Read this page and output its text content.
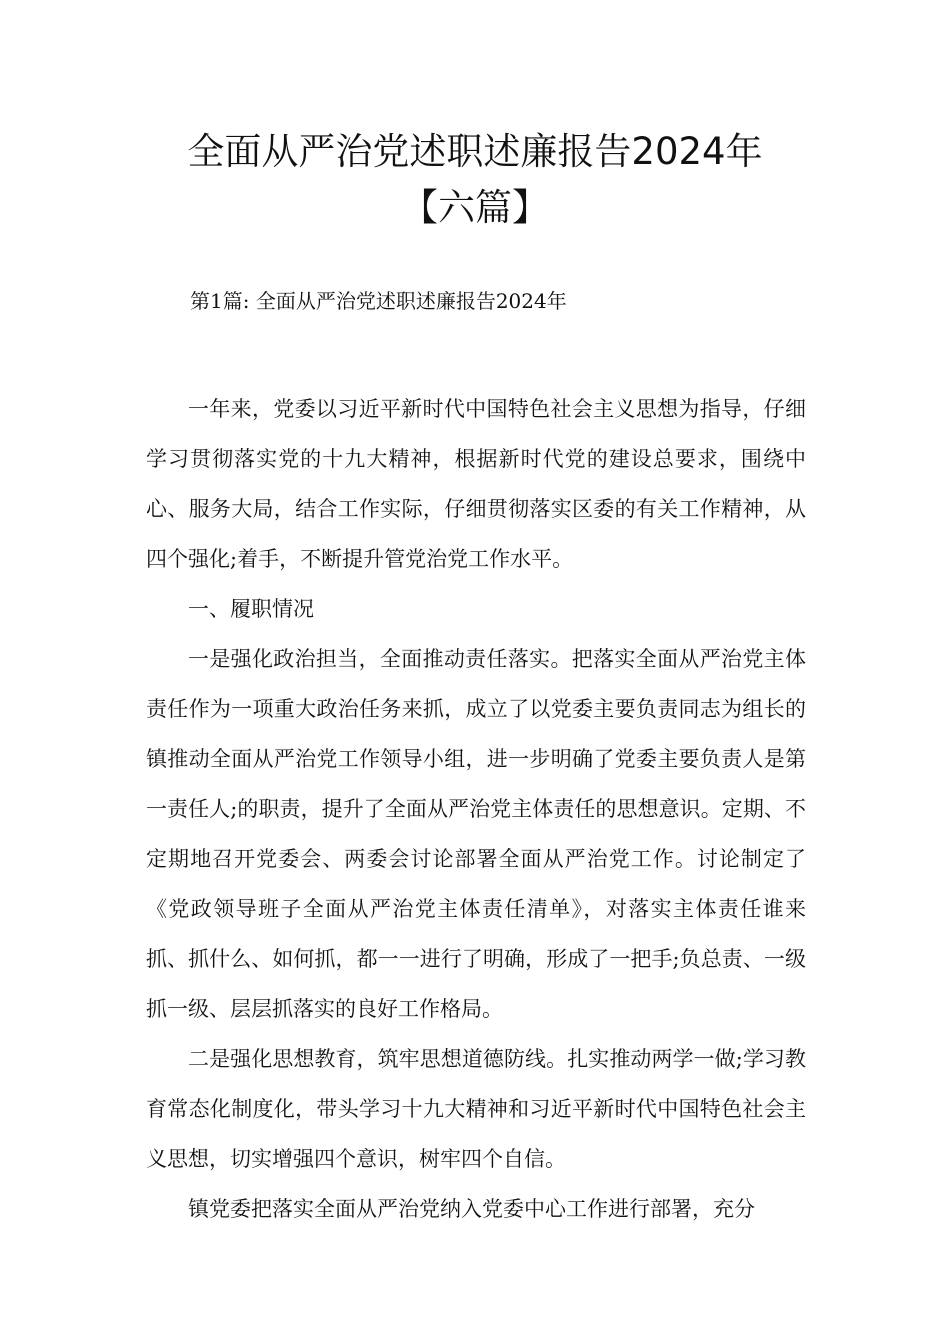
全面从严治党述职述廉报告2024年
【六篇】
第1篇: 全面从严治党述职述廉报告2024年

一年来，党委以习近平新时代中国特色社会主义思想为指导，仔细学习贯彻落实党的十九大精神，根据新时代党的建设总要求，围绕中心、服务大局，结合工作实际，仔细贯彻落实区委的有关工作精神，从四个强化;着手，不断提升管党治党工作水平。

一、履职情况

一是强化政治担当，全面推动责任落实。把落实全面从严治党主体责任作为一项重大政治任务来抓，成立了以党委主要负责同志为组长的镇推动全面从严治党工作领导小组，进一步明确了党委主要负责人是第一责任人;的职责，提升了全面从严治党主体责任的思想意识。定期、不定期地召开党委会、两委会讨论部署全面从严治党工作。讨论制定了《党政领导班子全面从严治党主体责任清单》，对落实主体责任谁来抓、抓什么、如何抓，都一一进行了明确，形成了一把手;负总责、一级抓一级、层层抓落实的良好工作格局。

二是强化思想教育，筑牢思想道德防线。扎实推动两学一做;学习教育常态化制度化，带头学习十九大精神和习近平新时代中国特色社会主义思想，切实增强四个意识，树牢四个自信。

镇党委把落实全面从严治党纳入党委中心工作进行部署，充分
